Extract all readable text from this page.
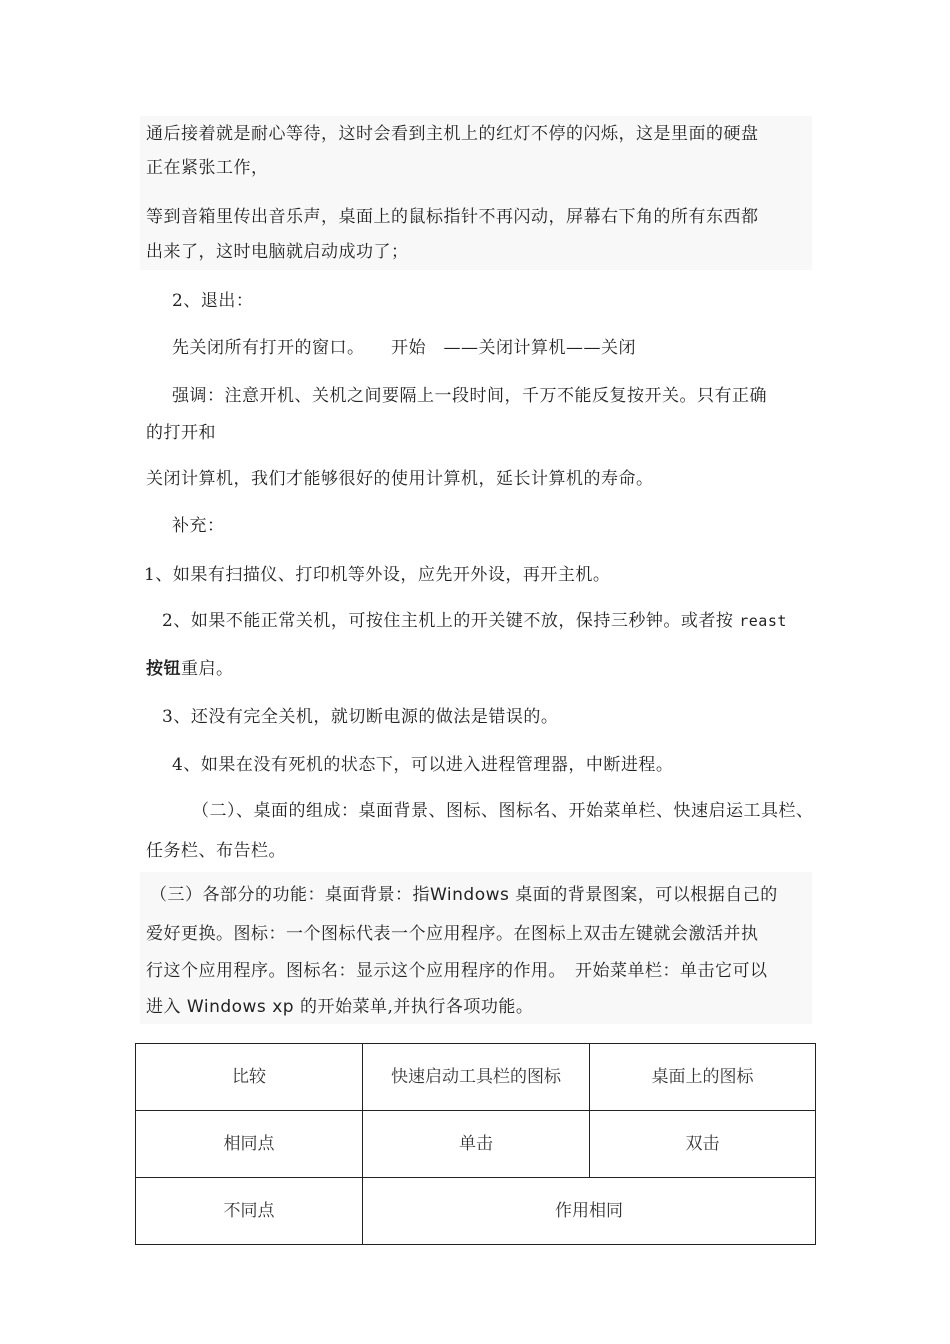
通后接着就是耐心等待，这时会看到主机上的红灯不停的闪烁，这是里面的硬盘
正在紧张工作，
等到音箱里传出音乐声，桌面上的鼠标指针不再闪动，屏幕右下角的所有东西都
出来了，这时电脑就启动成功了；
2、退出：
先关闭所有打开的窗口。　　开始　——关闭计算机——关闭
强调：注意开机、关机之间要隔上一段时间，千万不能反复按开关。只有正确
的打开和
关闭计算机，我们才能够很好的使用计算机，延长计算机的寿命。
补充：
1、如果有扫描仪、打印机等外设，应先开外设，再开主机。
2、如果不能正常关机，可按住主机上的开关键不放，保持三秒钟。或者按 reast
按钮重启。
3、还没有完全关机，就切断电源的做法是错误的。
4、如果在没有死机的状态下，可以进入进程管理器，中断进程。
（二）、桌面的组成：桌面背景、图标、图标名、开始菜单栏、快速启运工具栏、
任务栏、布告栏。
（三）各部分的功能：桌面背景：指Windows 桌面的背景图案，可以根据自己的
爱好更换。图标：一个图标代表一个应用程序。在图标上双击左键就会激活并执
行这个应用程序。图标名：显示这个应用程序的作用。　开始菜单栏：单击它可以
进入 Windows xp 的开始菜单,并执行各项功能。
比较	快速启动工具栏的图标	桌面上的图标
相同点	单击	双击
不同点	作用相同	
